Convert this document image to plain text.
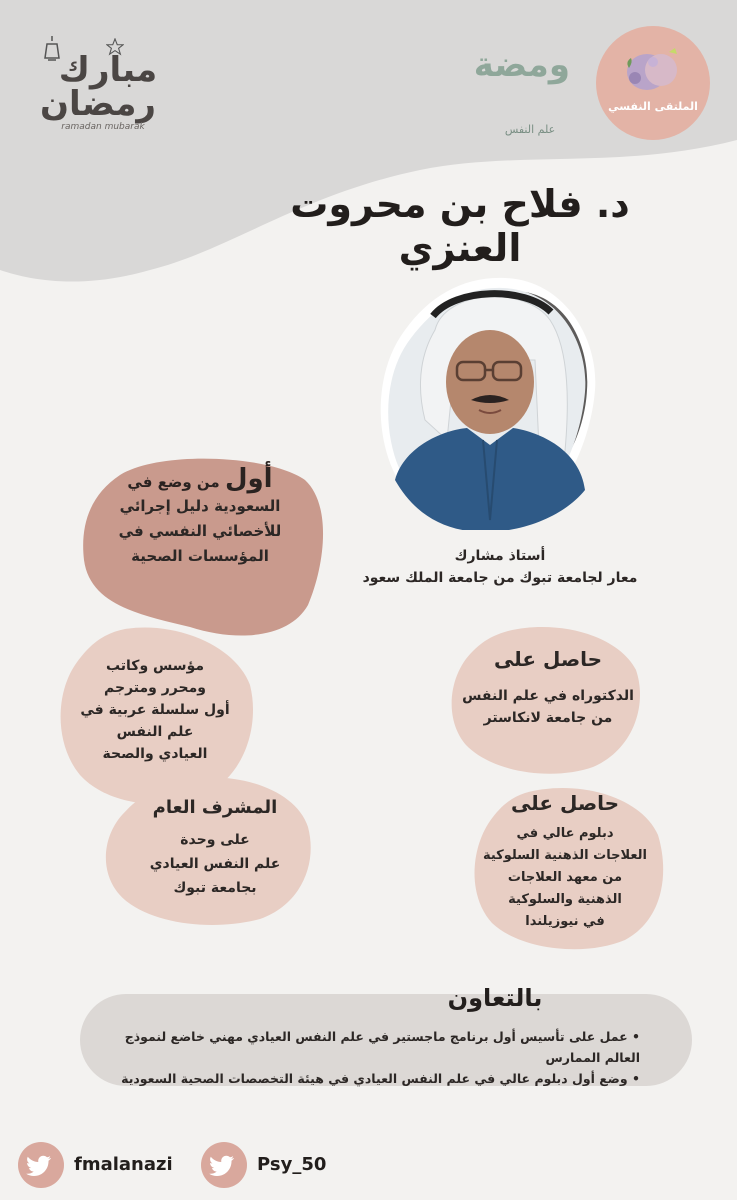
مبارك
رمضان
ramadan mubarak
ومضة
علم النفس
الملتقى النفسي
د. فلاح بن محروت العنزي
أستاذ مشارك
معار لجامعة تبوك من جامعة الملك سعود
أول من وضع في
السعودية دليل إجرائي
للأخصائي النفسي في
المؤسسات الصحية
مؤسس وكاتب
ومحرر ومترجم
أول سلسلة عربية في
علم النفس
العيادي والصحة
حاصل على
الدكتوراه في علم النفس
من جامعة لانكاستر
المشرف العام
على وحدة
علم النفس العيادي
بجامعة تبوك
حاصل على
دبلوم عالي في
العلاجات الذهنية السلوكية
من معهد العلاجات
الذهنية والسلوكية
في نيوزيلندا
• عمل على تأسيس أول برنامج ماجستير في علم النفس العيادي مهني خاضع لنموذج العالم الممارس
• وضع أول دبلوم عالي في علم النفس العيادي في هيئة التخصصات الصحية السعودية
بالتعاون
fmalanazi	Psy_50
